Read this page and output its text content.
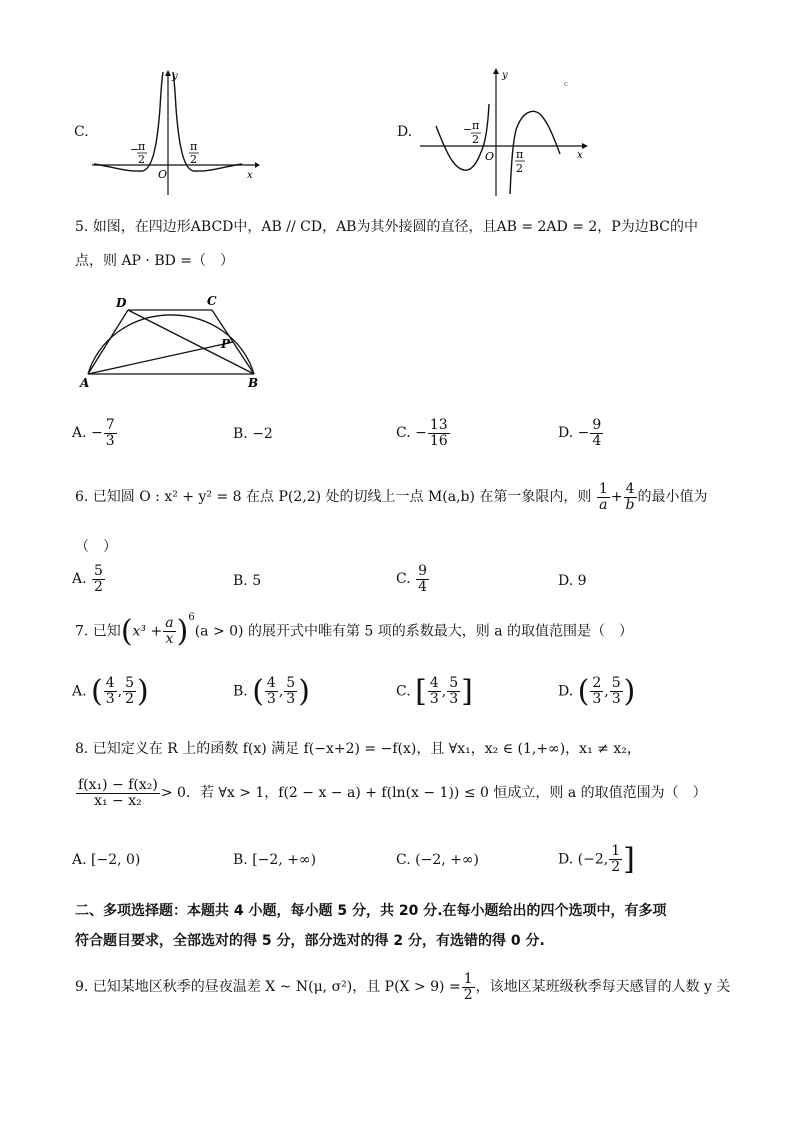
C.
y
x
O
−
π
2
π
2
D.
y
x
O
c
− π
2
π
2
5. 如图，在四边形ABCD中，AB // CD，AB为其外接圆的直径，且AB = 2AD = 2，P为边BC的中
点，则 AP · BD =（　）
D	C
P
A	B
A. − $\frac{7}{3}$	B. −2	C. − $\frac{13}{16}$	D. − $\frac{9}{4}$
6. 已知圆 O : x² + y² = 8 在点 P(2,2) 处的切线上一点 M(a,b) 在第一象限内，则 $\frac{1}{a} + \frac{4}{b}$ 的最小值为
（　）
A. $\frac{5}{2}$	B. 5	C. $\frac{9}{4}$	D. 9
7. 已知$(x^3 + \frac{a}{x} )^6(a > 0)$ 的展开式中唯有第 5 项的系数最大，则 a 的取值范围是（　）
A. ( $\frac{4}{3}$ , $\frac{5}{2}$ )	B. ( $\frac{4}{3}$ , $\frac{5}{3}$ )	C. [ $\frac{4}{3}$ , $\frac{5}{3}$ ]	D. ( $\frac{2}{3}$ , $\frac{5}{3}$ )
8. 已知定义在 R 上的函数 f(x) 满足 f(−x+2) = −f(x)，且 ∀x₁，x₂ ∈ (1,+∞)，x₁ ≠ x₂，
$\frac{\text{f(x₁) − f(x₂)}}{\text{x₁ − x₂}} > 0$．若 ∀x > 1，f(2 − x − a) + f(ln(x − 1)) ≤ 0 恒成立，则 a 的取值范围为（　）
A. [−2, 0)	B. [−2, +∞)	C. (−2, +∞)	D. (−2, $\frac{1}{2}$ ]
二、多项选择题：本题共 4 小题，每小题 5 分，共 20 分.在每小题给出的四个选项中，有多项
符合题目要求，全部选对的得 5 分，部分选对的得 2 分，有选错的得 0 分.
9. 已知某地区秋季的昼夜温差 X ~ N(μ, σ²)，且 $P(X > 9) = \frac{1}{2}$ ，该地区某班级秋季每天感冒的人数 y 关
